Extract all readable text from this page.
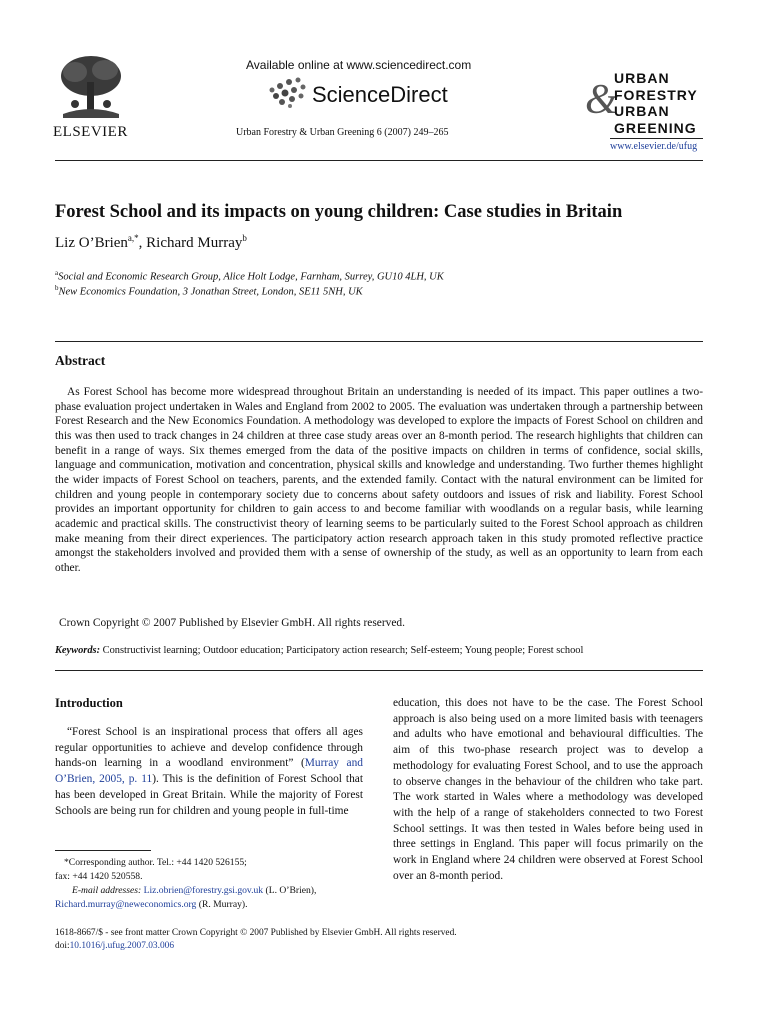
ELSEVIER
Available online at www.sciencedirect.com
ScienceDirect
Urban Forestry & Urban Greening 6 (2007) 249–265
&
URBAN
FORESTRY
URBAN
GREENING
www.elsevier.de/ufug
Forest School and its impacts on young children: Case studies in Britain
Liz O’Brien$^{a,*}$, Richard Murray$^b$
$^a$Social and Economic Research Group, Alice Holt Lodge, Farnham, Surrey, GU10 4LH, UK
$^b$New Economics Foundation, 3 Jonathan Street, London, SE11 5NH, UK
Abstract

As Forest School has become more widespread throughout Britain an understanding is needed of its impact. This paper outlines a two-phase evaluation project undertaken in Wales and England from 2002 to 2005. The evaluation was undertaken through a partnership between Forest Research and the New Economics Foundation. A methodology was developed to explore the impacts of Forest School on children and this was then used to track changes in 24 children at three case study areas over an 8-month period. The research highlights that children can benefit in a range of ways. Six themes emerged from the data of the positive impacts on children in terms of confidence, social skills, language and communication, motivation and concentration, physical skills and knowledge and understanding. Two further themes highlight the wider impacts of Forest School on teachers, parents, and the extended family. Contact with the natural environment can be limited for children and young people in contemporary society due to concerns about safety outdoors and issues of risk and liability. Forest School provides an important opportunity for children to gain access to and become familiar with woodlands on a regular basis, while learning academic and practical skills. The constructivist theory of learning seems to be particularly suited to the Forest School approach as children make meaning from their direct experiences. The participatory action research approach taken in this study promoted reflective practice amongst the stakeholders involved and provided them with a sense of ownership of the study, as well as an opportunity to learn from each other.

Crown Copyright © 2007 Published by Elsevier GmbH. All rights reserved.
Keywords: Constructivist learning; Outdoor education; Participatory action research; Self-esteem; Young people; Forest school
Introduction

“Forest School is an inspirational process that offers all ages regular opportunities to achieve and develop confidence through hands-on learning in a woodland environment” (Murray and O’Brien, 2005, p. 11). This is the definition of Forest School that has been developed in Great Britain. While the majority of Forest Schools are being run for children and young people in full-time

education, this does not have to be the case. The Forest School approach is also being used on a more limited basis with teenagers and adults who have emotional and behavioural difficulties. The aim of this two-phase research project was to develop a methodology for evaluating Forest School, and to use the approach to observe changes in the behaviour of the children who take part. The work started in Wales where a methodology was developed with the help of a range of stakeholders connected to two Forest School settings. It was then tested in Wales before being used in three settings in England. This paper will focus primarily on the work in England where 24 children were observed at Forest School over an 8-month period.

*Corresponding author. Tel.: +44 1420 526155;
fax: +44 1420 520558.
E-mail addresses: Liz.obrien@forestry.gsi.gov.uk (L. O’Brien),
Richard.murray@neweconomics.org (R. Murray).
1618-8667/$ - see front matter Crown Copyright © 2007 Published by Elsevier GmbH. All rights reserved.
doi:10.1016/j.ufug.2007.03.006
